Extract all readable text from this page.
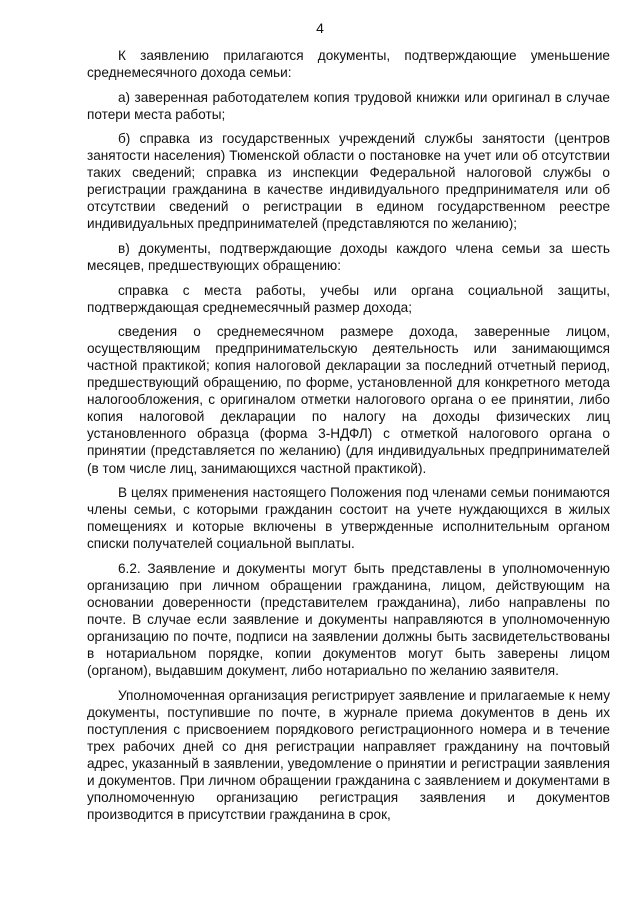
4

К заявлению прилагаются документы, подтверждающие уменьшение среднемесячного дохода семьи:

а) заверенная работодателем копия трудовой книжки или оригинал в случае потери места работы;

б) справка из государственных учреждений службы занятости (центров занятости населения) Тюменской области о постановке на учет или об отсутствии таких сведений; справка из инспекции Федеральной налоговой службы о регистрации гражданина в качестве индивидуального предпринимателя или об отсутствии сведений о регистрации в едином государственном реестре индивидуальных предпринимателей (представляются по желанию);

в) документы, подтверждающие доходы каждого члена семьи за шесть месяцев, предшествующих обращению:

справка с места работы, учебы или органа социальной защиты, подтверждающая среднемесячный размер дохода;

сведения о среднемесячном размере дохода, заверенные лицом, осуществляющим предпринимательскую деятельность или занимающимся частной практикой; копия налоговой декларации за последний отчетный период, предшествующий обращению, по форме, установленной для конкретного метода налогообложения, с оригиналом отметки налогового органа о ее принятии, либо копия налоговой декларации по налогу на доходы физических лиц установленного образца (форма 3-НДФЛ) с отметкой налогового органа о принятии (представляется по желанию) (для индивидуальных предпринимателей (в том числе лиц, занимающихся частной практикой).

В целях применения настоящего Положения под членами семьи понимаются члены семьи, с которыми гражданин состоит на учете нуждающихся в жилых помещениях и которые включены в утвержденные исполнительным органом списки получателей социальной выплаты.

6.2. Заявление и документы могут быть представлены в уполномоченную организацию при личном обращении гражданина, лицом, действующим на основании доверенности (представителем гражданина), либо направлены по почте. В случае если заявление и документы направляются в уполномоченную организацию по почте, подписи на заявлении должны быть засвидетельствованы в нотариальном порядке, копии документов могут быть заверены лицом (органом), выдавшим документ, либо нотариально по желанию заявителя.

Уполномоченная организация регистрирует заявление и прилагаемые к нему документы, поступившие по почте, в журнале приема документов в день их поступления с присвоением порядкового регистрационного номера и в течение трех рабочих дней со дня регистрации направляет гражданину на почтовый адрес, указанный в заявлении, уведомление о принятии и регистрации заявления и документов. При личном обращении гражданина с заявлением и документами в уполномоченную организацию регистрация заявления и документов производится в присутствии гражданина в срок,
